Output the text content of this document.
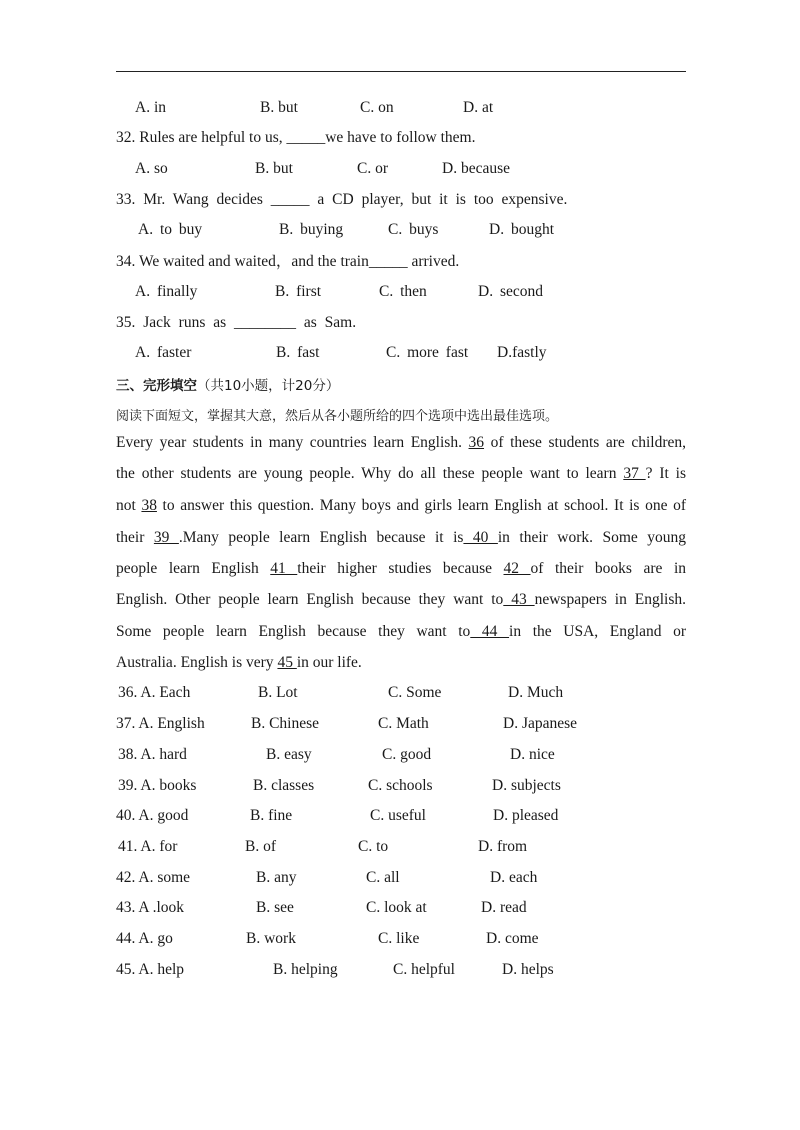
A. in	B. but	C. on	D. at
32. Rules are helpful to us, _____we have to follow them.
A. so	B. but	C. or	D. because
33. Mr. Wang decides _____ a CD player, but it is too expensive.
A. to buy	B. buying	C. buys	D. bought
34. We waited and waited，and the train_____ arrived.
A. finally	B. first	C. then	D. second
35. Jack runs as ________ as Sam.
A. faster	B. fast	C. more fast D.fastly
三、完形填空（共10小题，计20分）
阅读下面短文，掌握其大意，然后从各小题所给的四个选项中选出最佳选项。
Every year students in many countries learn English. 36 of these students are children,
the other students are young people. Why do all these people want to learn 37 ? It is
not 38 to answer this question. Many boys and girls learn English at school. It is one of
their 39 .Many people learn English because it is 40 in their work. Some young
people learn English 41 their higher studies because 42 of their books are in
English. Other people learn English because they want to 43 newspapers in English.
Some people learn English because they want to 44 in the USA, England or
Australia. English is very 45 in our life.
36. A. Each	B. Lot	C. Some	D. Much
37. A. English	B. Chinese	C. Math	D. Japanese
38. A. hard	B. easy	C. good	D. nice
39. A. books	B. classes	C. schools	D. subjects
40. A. good	B. fine	C. useful	D. pleased
41. A. for	B. of	C. to	D. from
42. A. some	B. any	C. all	D. each
43. A .look	B. see	C. look at	D. read
44. A. go	B. work	C. like	D. come
45. A. help	B. helping	C. helpful	D. helps
